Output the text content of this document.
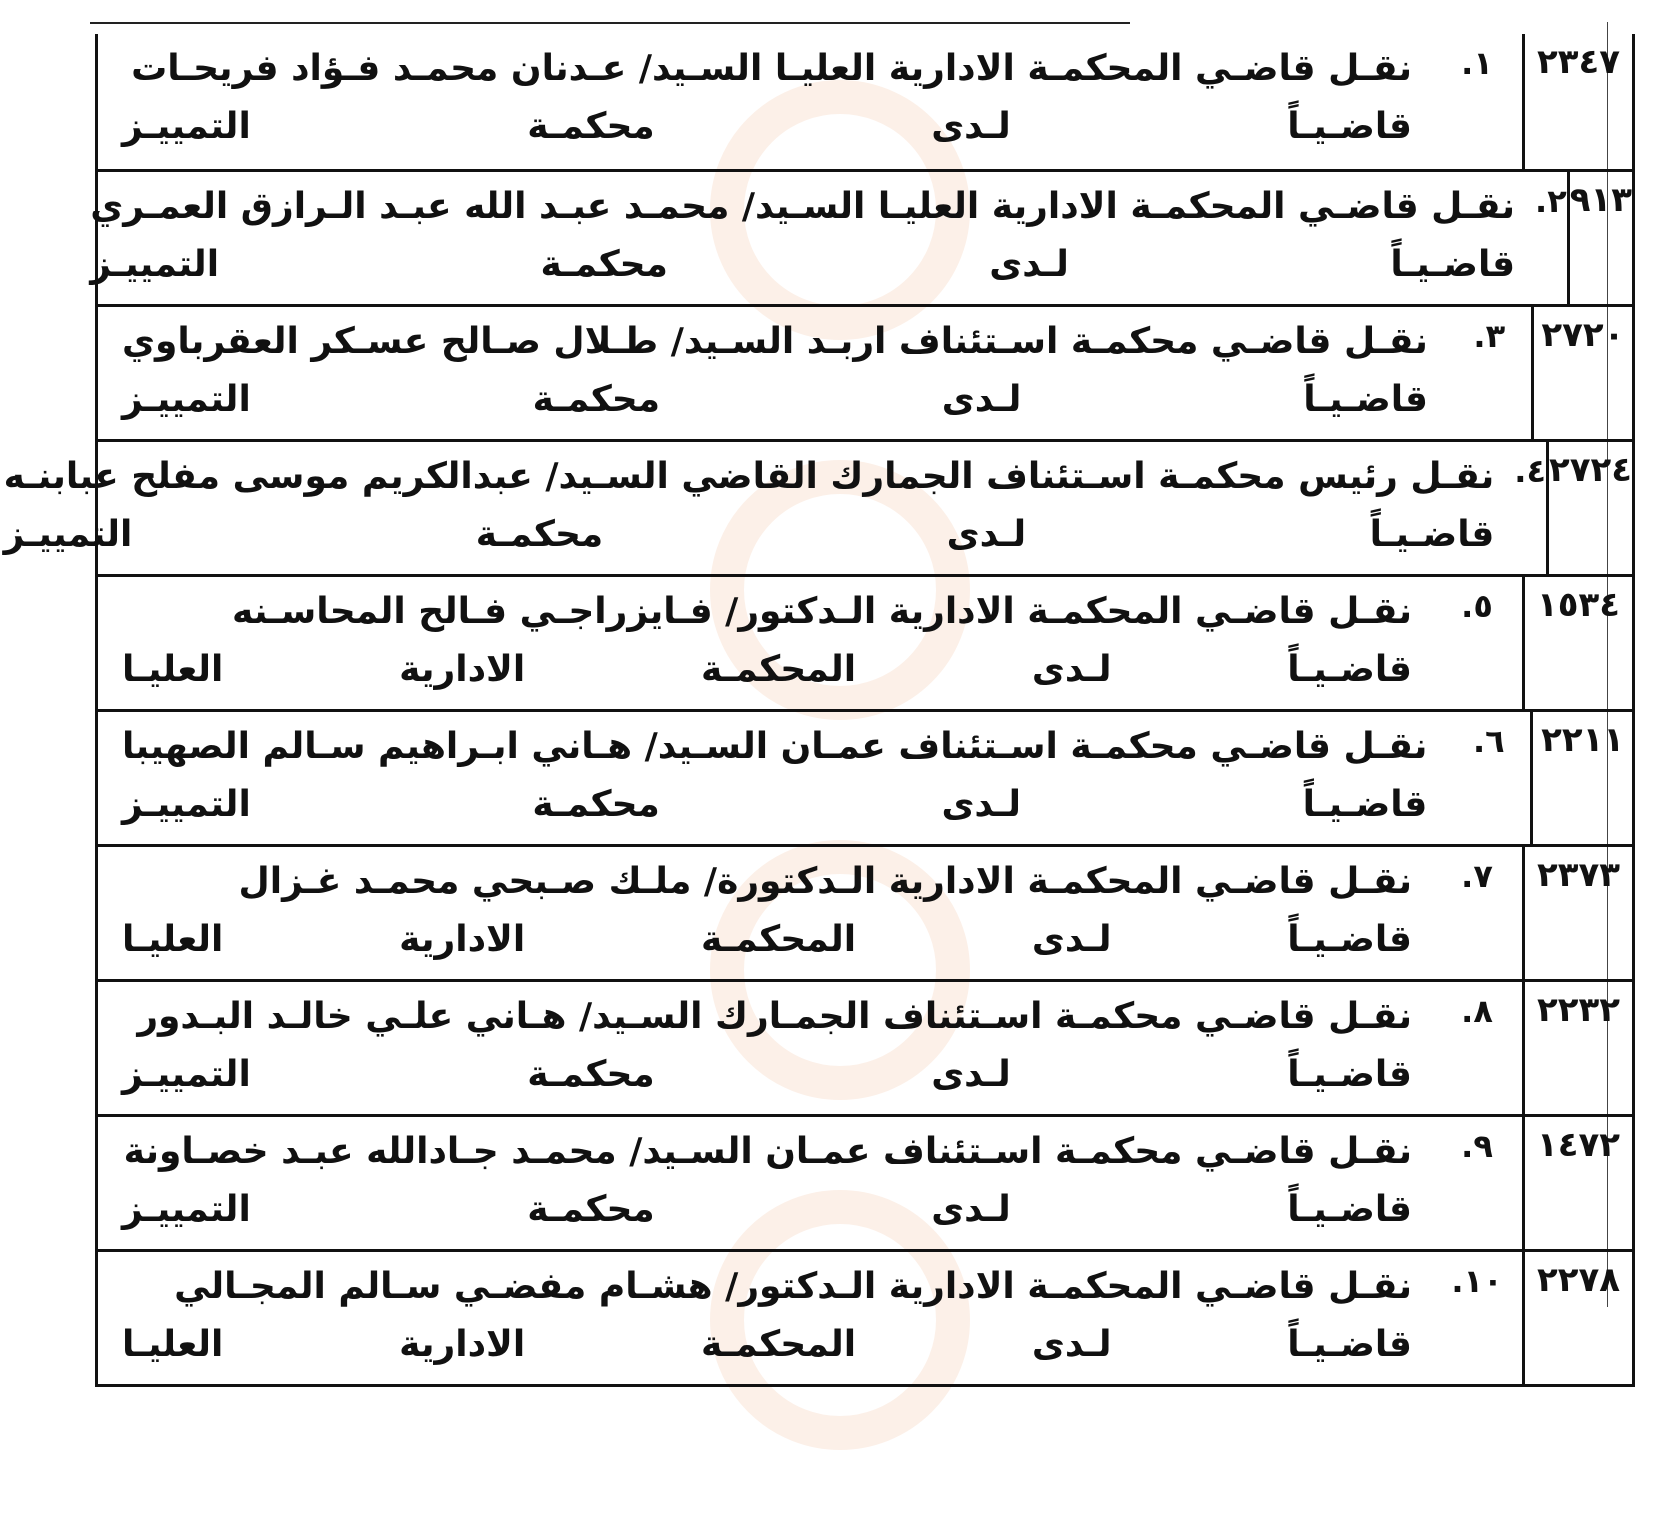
٢٣٤٧
١.
نقـل قاضـي المحكمـة الادارية العليـا السـيد/ عـدنان محمـد فـؤاد فريحـات
قاضـيـاً لـدى محكمـة التمييـز
٩١٣
٢.
نقـل قاضـي المحكمـة الادارية العليـا السـيد/ محمـد عبـد الله عبـد الـرازق العمـري
قاضـيـاً لـدى محكمـة التمييـز
٢٧٢٠
٣.
نقـل قاضـي محكمـة اسـتئناف اربـد السـيد/ طـلال صـالح عسـكر العقرباوي
قاضـيـاً لـدى محكمـة التمييـز
٢٧٢٤
٤.
نقـل رئيس محكمـة اسـتئناف الجمارك القاضي السـيد/ عبدالكريم موسى مفلح عبابنـه
قاضـيـاً لـدى محكمـة التمييـز
١٥٣٤
٥.
نقـل قاضـي المحكمـة الادارية الـدكتور/ فـايزراجـي فـالح المحاسـنه
قاضـيـاً لـدى المحكمـة الادارية العليـا
٢٢١١
٦.
نقـل قاضـي محكمـة اسـتئناف عمـان السـيد/ هـاني ابـراهيم سـالم الصهيبا
قاضـيـاً لـدى محكمـة التمييـز
٢٣٧٣
٧.
نقـل قاضـي المحكمـة الادارية الـدكتورة/ ملـك صـبحي محمـد غـزال
قاضـيـاً لـدى المحكمـة الادارية العليـا
٢٢٣٢
٨.
نقـل قاضـي محكمـة اسـتئناف الجمـارك السـيد/ هـاني علـي خالـد البـدور
قاضـيـاً لـدى محكمـة التمييـز
١٤٧٢
٩.
نقـل قاضـي محكمـة اسـتئناف عمـان السـيد/ محمـد جـادالله عبـد خصـاونة
قاضـيـاً لـدى محكمـة التمييـز
٢٢٧٨
١٠.
نقـل قاضـي المحكمـة الادارية الـدكتور/ هشـام مفضـي سـالم المجـالي
قاضـيـاً لـدى المحكمـة الادارية العليـا
